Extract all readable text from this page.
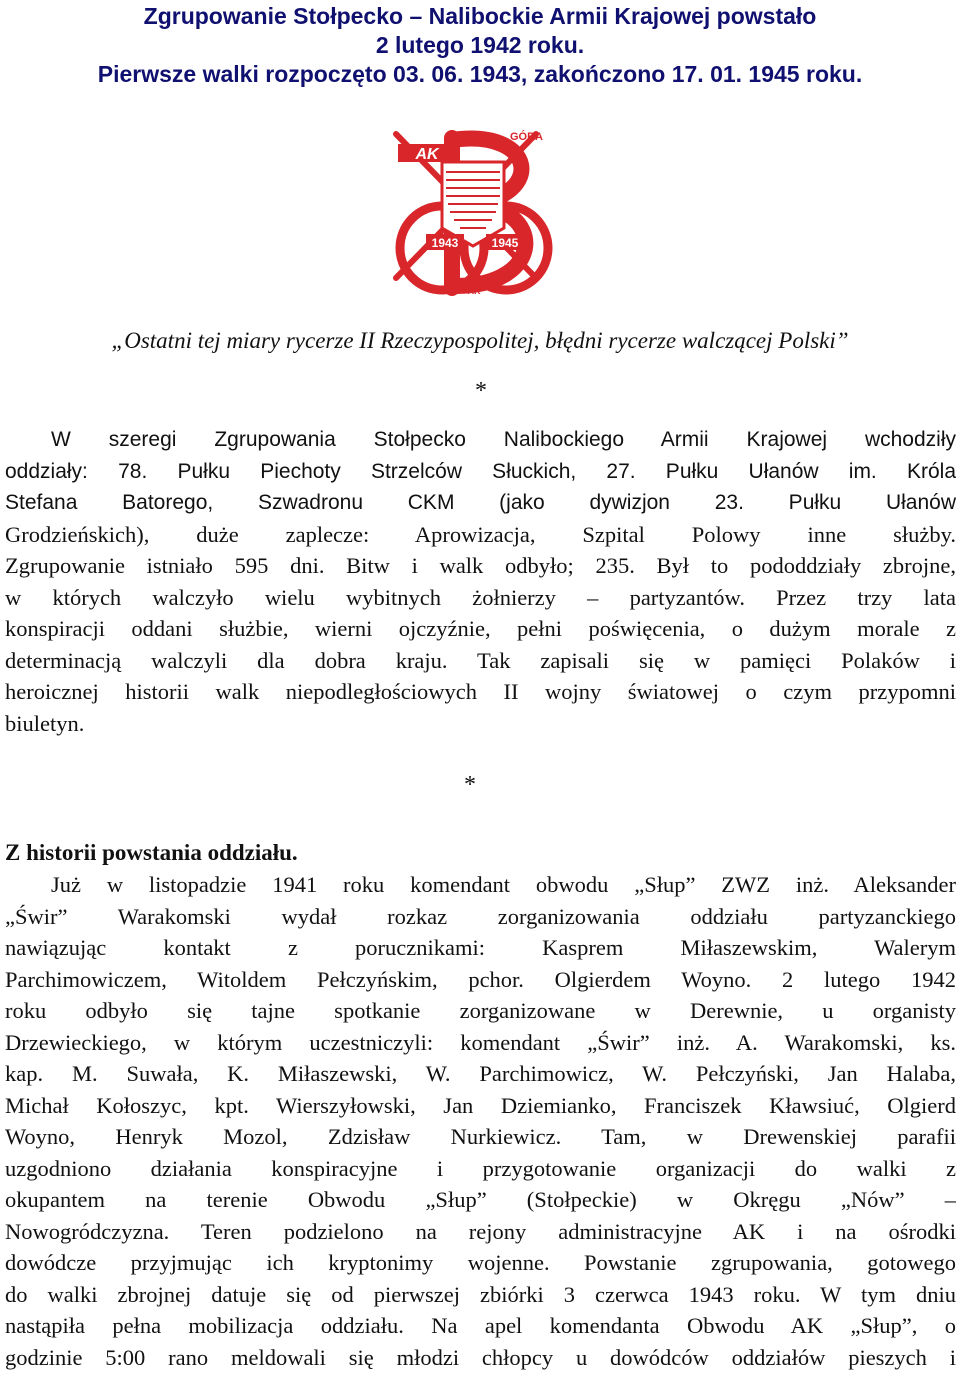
Zgrupowanie Stołpecko – Nalibockie Armii Krajowej powstało
2 lutego 1942 roku.
Pierwsze walki rozpoczęto 03. 06. 1943, zakończono 17. 01. 1945 roku.
AK
1943	1945
GÓRA
AK
„Ostatni tej miary rycerze II Rzeczypospolitej, błędni rycerze walczącej Polski”
*
W szeregi Zgrupowania Stołpecko Nalibockiego Armii Krajowej wchodziły
oddziały: 78. Pułku Piechoty Strzelców Słuckich, 27. Pułku Ułanów im. Króla
Stefana Batorego, Szwadronu CKM (jako dywizjon 23. Pułku Ułanów
Grodzieńskich), duże zaplecze: Aprowizacja, Szpital Polowy inne służby.
Zgrupowanie istniało 595 dni. Bitw i walk odbyło; 235. Był to pododdziały zbrojne,
w których walczyło wielu wybitnych żołnierzy – partyzantów. Przez trzy lata
konspiracji oddani służbie, wierni ojczyźnie, pełni poświęcenia, o dużym morale z
determinacją walczyli dla dobra kraju. Tak zapisali się w pamięci Polaków i
heroicznej historii walk niepodległościowych II wojny światowej o czym przypomni
biuletyn.
*
Z historii powstania oddziału.
Już w listopadzie 1941 roku komendant obwodu „Słup” ZWZ inż. Aleksander
„Świr” Warakomski wydał rozkaz zorganizowania oddziału partyzanckiego
nawiązując kontakt z porucznikami: Kasprem Miłaszewskim, Walerym
Parchimowiczem, Witoldem Pełczyńskim, pchor. Olgierdem Woyno. 2 lutego 1942
roku odbyło się tajne spotkanie zorganizowane w Derewnie, u organisty
Drzewieckiego, w którym uczestniczyli: komendant „Świr” inż. A. Warakomski, ks.
kap. M. Suwała, K. Miłaszewski, W. Parchimowicz, W. Pełczyński, Jan Halaba,
Michał Kołoszyc, kpt. Wierszyłowski, Jan Dziemianko, Franciszek Kławsiuć, Olgierd
Woyno, Henryk Mozol, Zdzisław Nurkiewicz. Tam, w Drewenskiej parafii
uzgodniono działania konspiracyjne i przygotowanie organizacji do walki z
okupantem na terenie Obwodu „Słup” (Stołpeckie) w Okręgu „Nów” –
Nowogródczyzna. Teren podzielono na rejony administracyjne AK i na ośrodki
dowódcze przyjmując ich kryptonimy wojenne. Powstanie zgrupowania, gotowego
do walki zbrojnej datuje się od pierwszej zbiórki 3 czerwca 1943 roku. W tym dniu
nastąpiła pełna mobilizacja oddziału. Na apel komendanta Obwodu AK „Słup”, o
godzinie 5:00 rano meldowali się młodzi chłopcy u dowódców oddziałów pieszych i
